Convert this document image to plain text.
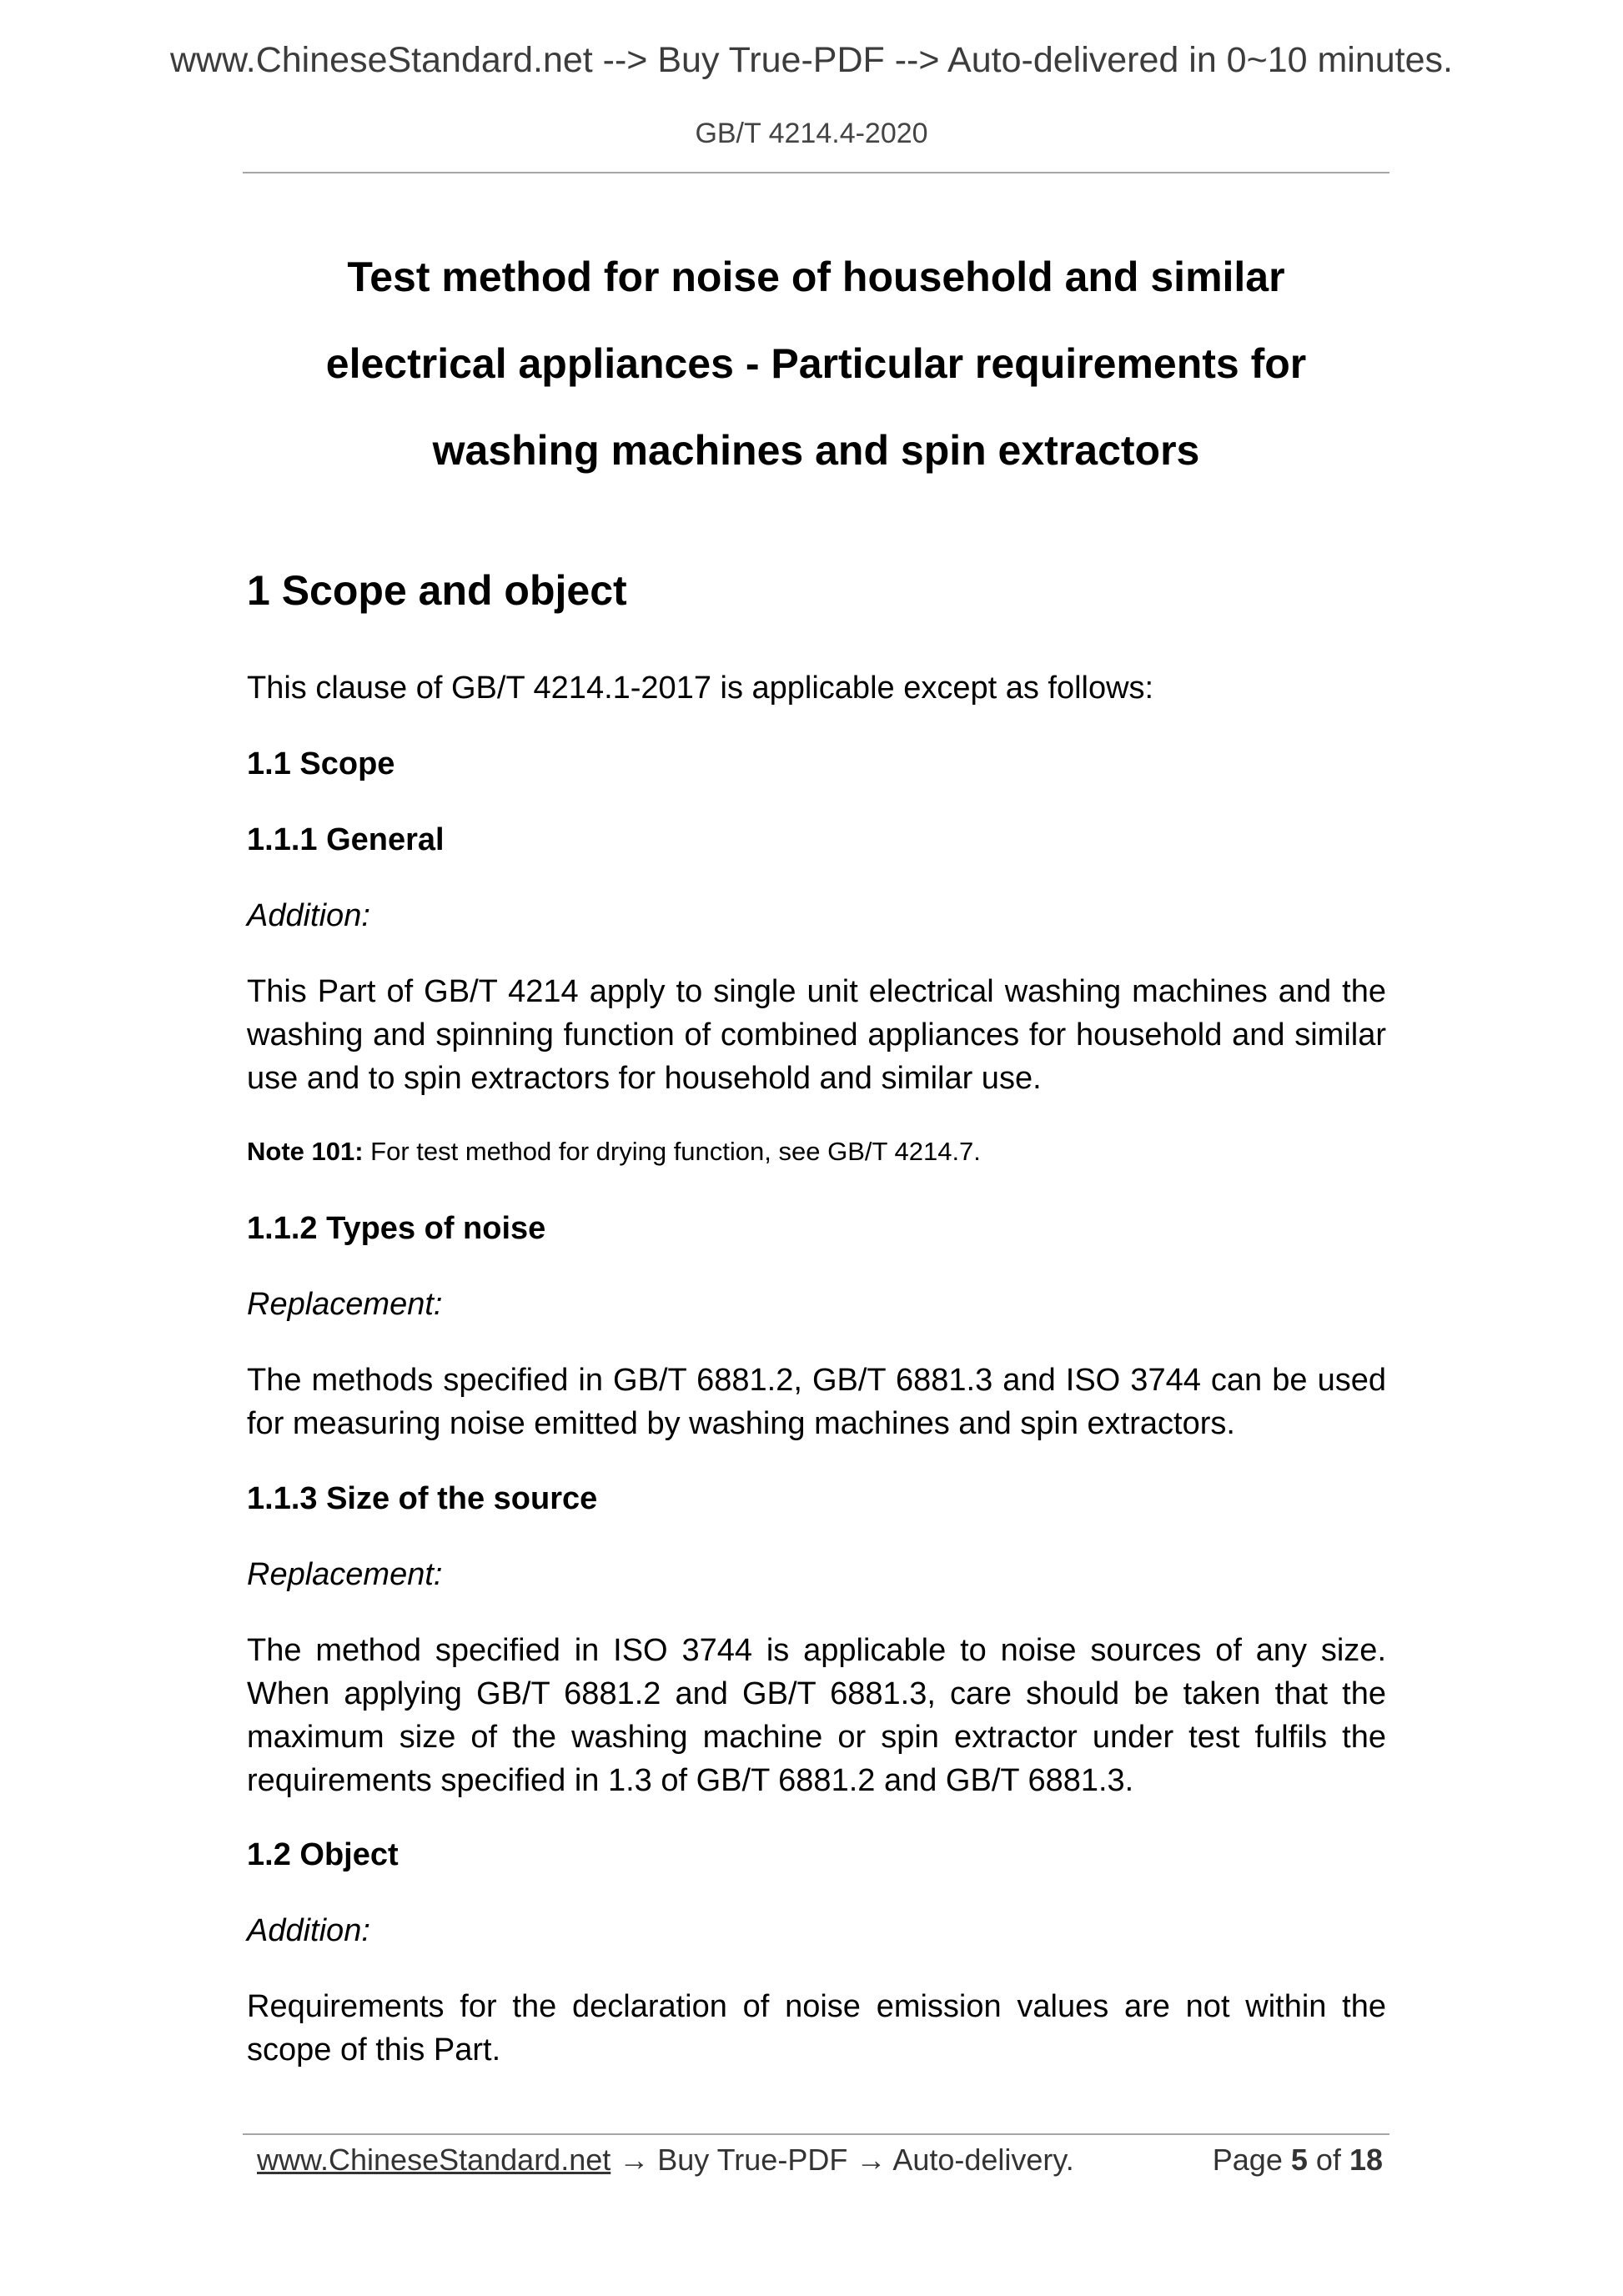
www.ChineseStandard.net --> Buy True-PDF --> Auto-delivered in 0~10 minutes.
GB/T 4214.4-2020
Test method for noise of household and similar
electrical appliances - Particular requirements for
washing machines and spin extractors
1 Scope and object
This clause of GB/T 4214.1-2017 is applicable except as follows:
1.1 Scope
1.1.1 General
Addition:
This Part of GB/T 4214 apply to single unit electrical washing machines and the washing and spinning function of combined appliances for household and similar use and to spin extractors for household and similar use.
Note 101: For test method for drying function, see GB/T 4214.7.
1.1.2 Types of noise
Replacement:
The methods specified in GB/T 6881.2, GB/T 6881.3 and ISO 3744 can be used for measuring noise emitted by washing machines and spin extractors.
1.1.3 Size of the source
Replacement:
The method specified in ISO 3744 is applicable to noise sources of any size. When applying GB/T 6881.2 and GB/T 6881.3, care should be taken that the maximum size of the washing machine or spin extractor under test fulfils the requirements specified in 1.3 of GB/T 6881.2 and GB/T 6881.3.
1.2 Object
Addition:
Requirements for the declaration of noise emission values are not within the scope of this Part.
www.ChineseStandard.net → Buy True-PDF → Auto-delivery.	Page 5 of 18
